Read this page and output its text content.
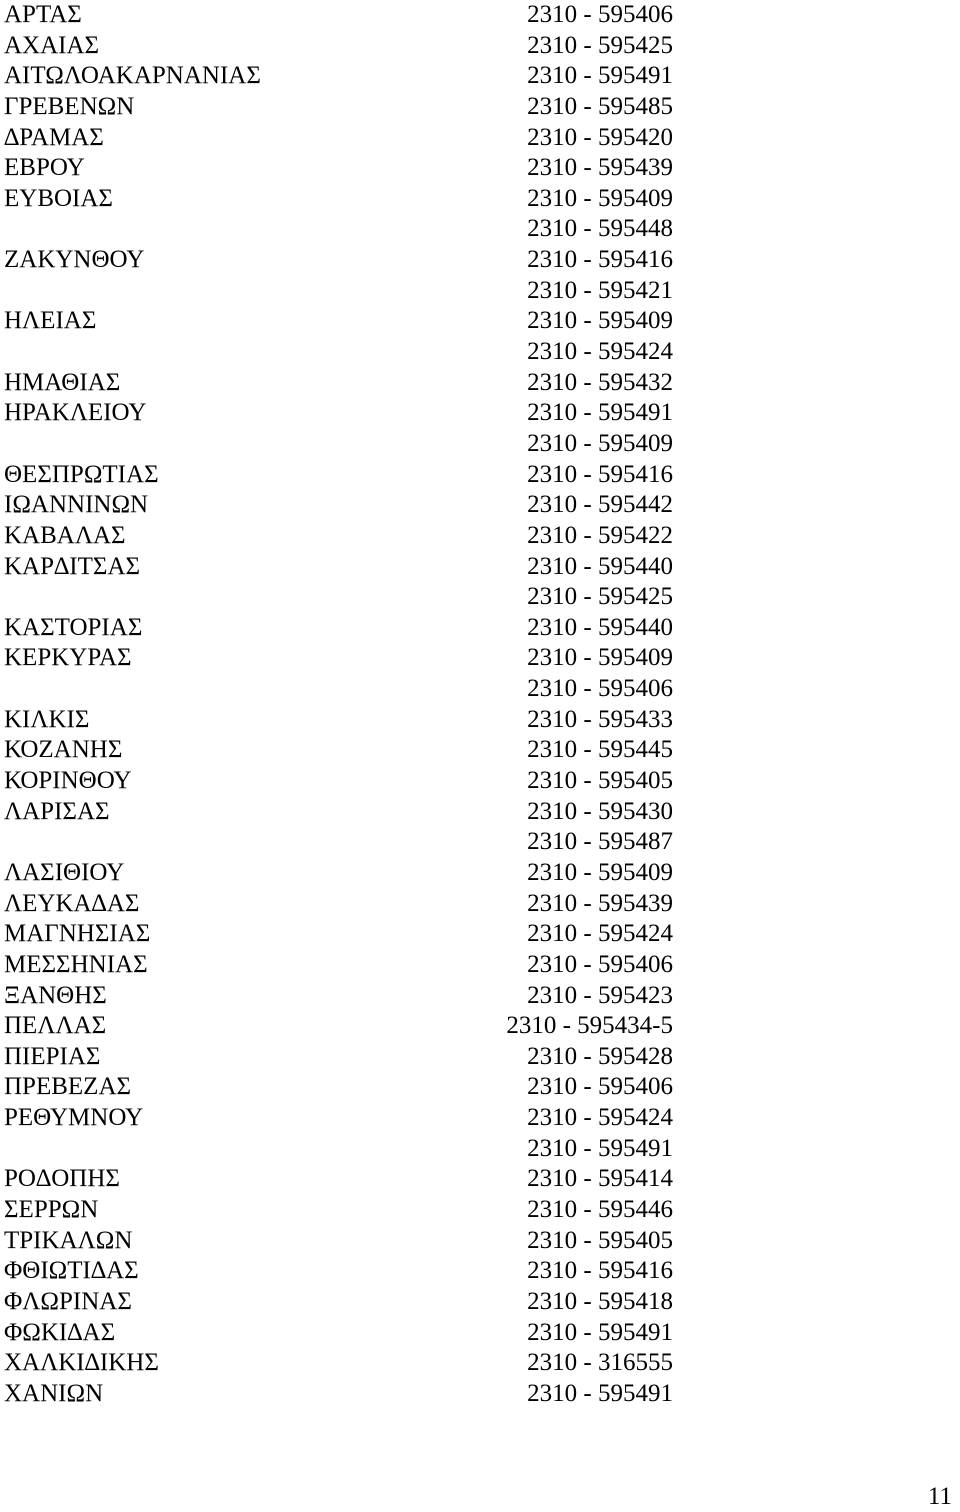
ΑΡΤΑΣ	2310 - 595406
ΑΧΑΙΑΣ	2310 - 595425
ΑΙΤΩΛΟΑΚΑΡΝΑΝΙΑΣ	2310 - 595491
ΓΡΕΒΕΝΩΝ	2310 - 595485
∆ΡΑΜΑΣ	2310 - 595420
ΕΒΡΟΥ	2310 - 595439
ΕΥΒΟΙΑΣ	2310 - 595409
2310 - 595448
ΖΑΚΥΝΘΟΥ	2310 - 595416
2310 - 595421
ΗΛΕΙΑΣ	2310 - 595409
2310 - 595424
ΗΜΑΘΙΑΣ	2310 - 595432
ΗΡΑΚΛΕΙΟΥ	2310 - 595491
2310 - 595409
ΘΕΣΠΡΩΤΙΑΣ	2310 - 595416
ΙΩΑΝΝΙΝΩΝ	2310 - 595442
ΚΑΒΑΛΑΣ	2310 - 595422
ΚΑΡ∆ΙΤΣΑΣ	2310 - 595440
2310 - 595425
ΚΑΣΤΟΡΙΑΣ	2310 - 595440
ΚΕΡΚΥΡΑΣ	2310 - 595409
2310 - 595406
ΚΙΛΚΙΣ	2310 - 595433
ΚΟΖΑΝΗΣ	2310 - 595445
ΚΟΡΙΝΘΟΥ	2310 - 595405
ΛΑΡΙΣΑΣ	2310 - 595430
2310 - 595487
ΛΑΣΙΘΙΟΥ	2310 - 595409
ΛΕΥΚΑ∆ΑΣ	2310 - 595439
ΜΑΓΝΗΣΙΑΣ	2310 - 595424
ΜΕΣΣΗΝΙΑΣ	2310 - 595406
ΞΑΝΘΗΣ	2310 - 595423
ΠΕΛΛΑΣ	2310 - 595434-5
ΠΙΕΡΙΑΣ	2310 - 595428
ΠΡΕΒΕΖΑΣ	2310 - 595406
ΡΕΘΥΜΝΟΥ	2310 - 595424
2310 - 595491
ΡΟ∆ΟΠΗΣ	2310 - 595414
ΣΕΡΡΩΝ	2310 - 595446
ΤΡΙΚΑΛΩΝ	2310 - 595405
ΦΘΙΩΤΙ∆ΑΣ	2310 - 595416
ΦΛΩΡΙΝΑΣ	2310 - 595418
ΦΩΚΙ∆ΑΣ	2310 - 595491
ΧΑΛΚΙ∆ΙΚΗΣ	2310 - 316555
ΧΑΝΙΩΝ	2310 - 595491
11
